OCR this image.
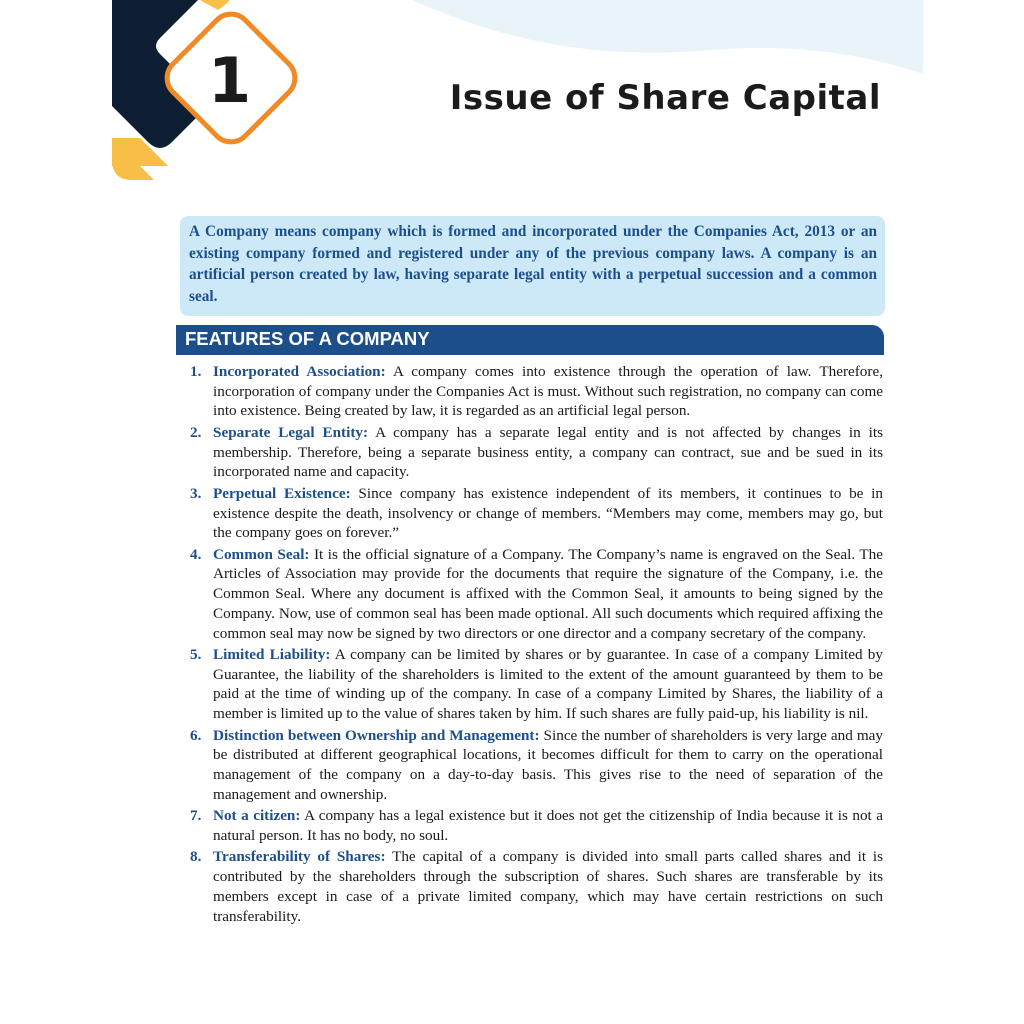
1	Issue of Share Capital

A Company means company which is formed and incorporated under the Companies Act, 2013 or an existing company formed and registered under any of the previous company laws. A company is an artificial person created by law, having separate legal entity with a perpetual succession and a common seal.

FEATURES OF A COMPANY
1. Incorporated Association: A company comes into existence through the operation of law. Therefore, incorporation of company under the Companies Act is must. Without such registration, no company can come into existence. Being created by law, it is regarded as an artificial legal person.
2. Separate Legal Entity: A company has a separate legal entity and is not affected by changes in its membership. Therefore, being a separate business entity, a company can contract, sue and be sued in its incorporated name and capacity.
3. Perpetual Existence: Since company has existence independent of its members, it continues to be in existence despite the death, insolvency or change of members. “Members may come, members may go, but the company goes on forever.”
4. Common Seal: It is the official signature of a Company. The Company’s name is engraved on the Seal. The Articles of Association may provide for the documents that require the signature of the Company, i.e. the Common Seal. Where any document is affixed with the Common Seal, it amounts to being signed by the Company. Now, use of common seal has been made optional. All such documents which required affixing the common seal may now be signed by two directors or one director and a company secretary of the company.
5. Limited Liability: A company can be limited by shares or by guarantee. In case of a company Limited by Guarantee, the liability of the shareholders is limited to the extent of the amount guaranteed by them to be paid at the time of winding up of the company. In case of a company Limited by Shares, the liability of a member is limited up to the value of shares taken by him. If such shares are fully paid-up, his liability is nil.
6. Distinction between Ownership and Management: Since the number of shareholders is very large and may be distributed at different geographical locations, it becomes difficult for them to carry on the operational management of the company on a day-to-day basis. This gives rise to the need of separation of the management and ownership.
7. Not a citizen: A company has a legal existence but it does not get the citizenship of India because it is not a natural person. It has no body, no soul.
8. Transferability of Shares: The capital of a company is divided into small parts called shares and it is contributed by the shareholders through the subscription of shares. Such shares are transferable by its members except in case of a private limited company, which may have certain restrictions on such transferability.
